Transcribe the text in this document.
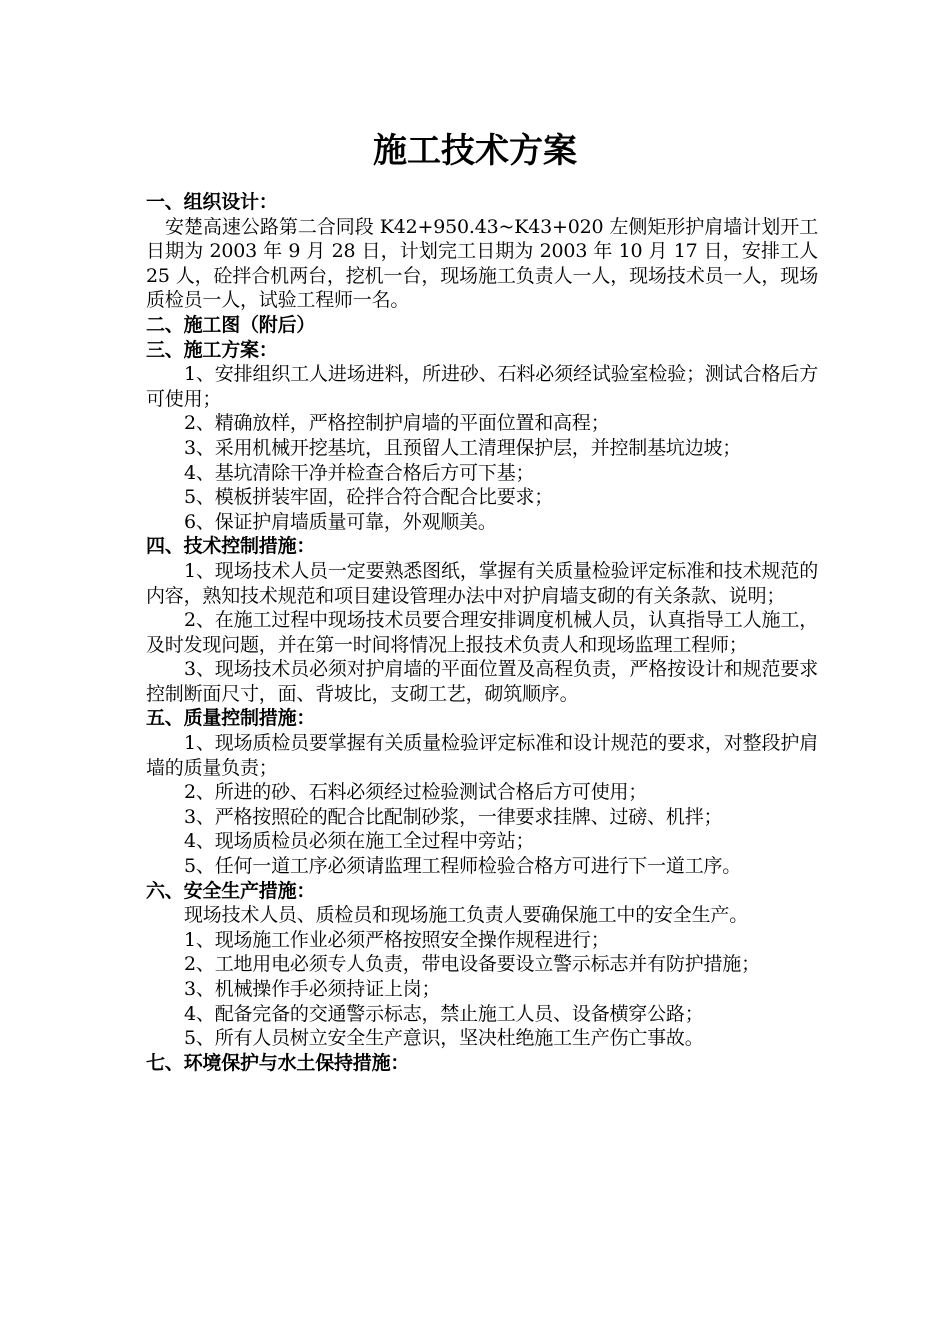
施工技术方案

一、组织设计：

安楚高速公路第二合同段 K42+950.43~K43+020 左侧矩形护肩墙计划开工日期为 2003 年 9 月 28 日，计划完工日期为 2003 年 10 月 17 日，安排工人 25 人，砼拌合机两台，挖机一台，现场施工负责人一人，现场技术员一人，现场质检员一人，试验工程师一名。

二、施工图（附后）

三、施工方案：

1、安排组织工人进场进料，所进砂、石料必须经试验室检验；测试合格后方可使用；

2、精确放样，严格控制护肩墙的平面位置和高程；

3、采用机械开挖基坑，且预留人工清理保护层，并控制基坑边坡；

4、基坑清除干净并检查合格后方可下基；

5、模板拼装牢固，砼拌合符合配合比要求；

6、保证护肩墙质量可靠，外观顺美。

四、技术控制措施：

1、现场技术人员一定要熟悉图纸，掌握有关质量检验评定标准和技术规范的内容，熟知技术规范和项目建设管理办法中对护肩墙支砌的有关条款、说明；

2、在施工过程中现场技术员要合理安排调度机械人员，认真指导工人施工，及时发现问题，并在第一时间将情况上报技术负责人和现场监理工程师；

3、现场技术员必须对护肩墙的平面位置及高程负责，严格按设计和规范要求控制断面尺寸，面、背坡比，支砌工艺，砌筑顺序。

五、质量控制措施：

1、现场质检员要掌握有关质量检验评定标准和设计规范的要求，对整段护肩墙的质量负责；

2、所进的砂、石料必须经过检验测试合格后方可使用；

3、严格按照砼的配合比配制砂浆，一律要求挂牌、过磅、机拌；

4、现场质检员必须在施工全过程中旁站；

5、任何一道工序必须请监理工程师检验合格方可进行下一道工序。

六、安全生产措施：

现场技术人员、质检员和现场施工负责人要确保施工中的安全生产。

1、现场施工作业必须严格按照安全操作规程进行；

2、工地用电必须专人负责，带电设备要设立警示标志并有防护措施；

3、机械操作手必须持证上岗；

4、配备完备的交通警示标志，禁止施工人员、设备横穿公路；

5、所有人员树立安全生产意识，坚决杜绝施工生产伤亡事故。

七、环境保护与水土保持措施：
